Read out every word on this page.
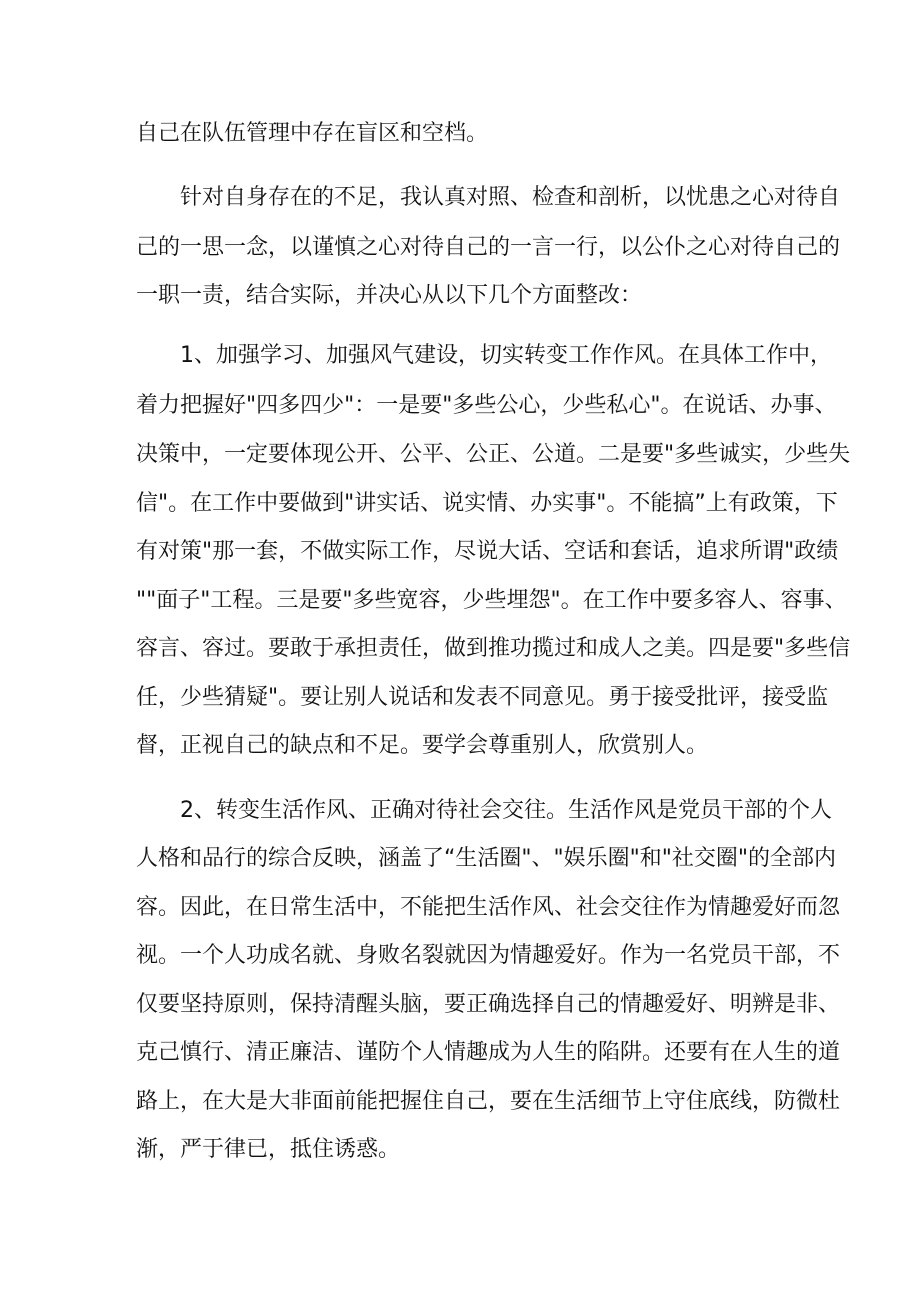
自己在队伍管理中存在盲区和空档。
针对自身存在的不足，我认真对照、检查和剖析，以忧患之心对待自
己的一思一念，以谨慎之心对待自己的一言一行，以公仆之心对待自己的
一职一责，结合实际，并决心从以下几个方面整改：
1、加强学习、加强风气建设，切实转变工作作风。在具体工作中，
着力把握好"四多四少"：一是要"多些公心，少些私心"。在说话、办事、
决策中，一定要体现公开、公平、公正、公道。二是要"多些诚实，少些失
信"。在工作中要做到"讲实话、说实情、办实事"。不能搞”上有政策，下
有对策"那一套，不做实际工作，尽说大话、空话和套话，追求所谓"政绩
""面子"工程。三是要"多些宽容，少些埋怨"。在工作中要多容人、容事、
容言、容过。要敢于承担责任，做到推功揽过和成人之美。四是要"多些信
任，少些猜疑"。要让别人说话和发表不同意见。勇于接受批评，接受监
督，正视自己的缺点和不足。要学会尊重别人，欣赏别人。
2、转变生活作风、正确对待社会交往。生活作风是党员干部的个人
人格和品行的综合反映，涵盖了“生活圈"、"娱乐圈"和"社交圈"的全部内
容。因此，在日常生活中，不能把生活作风、社会交往作为情趣爱好而忽
视。一个人功成名就、身败名裂就因为情趣爱好。作为一名党员干部，不
仅要坚持原则，保持清醒头脑，要正确选择自己的情趣爱好、明辨是非、
克己慎行、清正廉洁、谨防个人情趣成为人生的陷阱。还要有在人生的道
路上，在大是大非面前能把握住自己，要在生活细节上守住底线，防微杜
渐，严于律已，抵住诱惑。
